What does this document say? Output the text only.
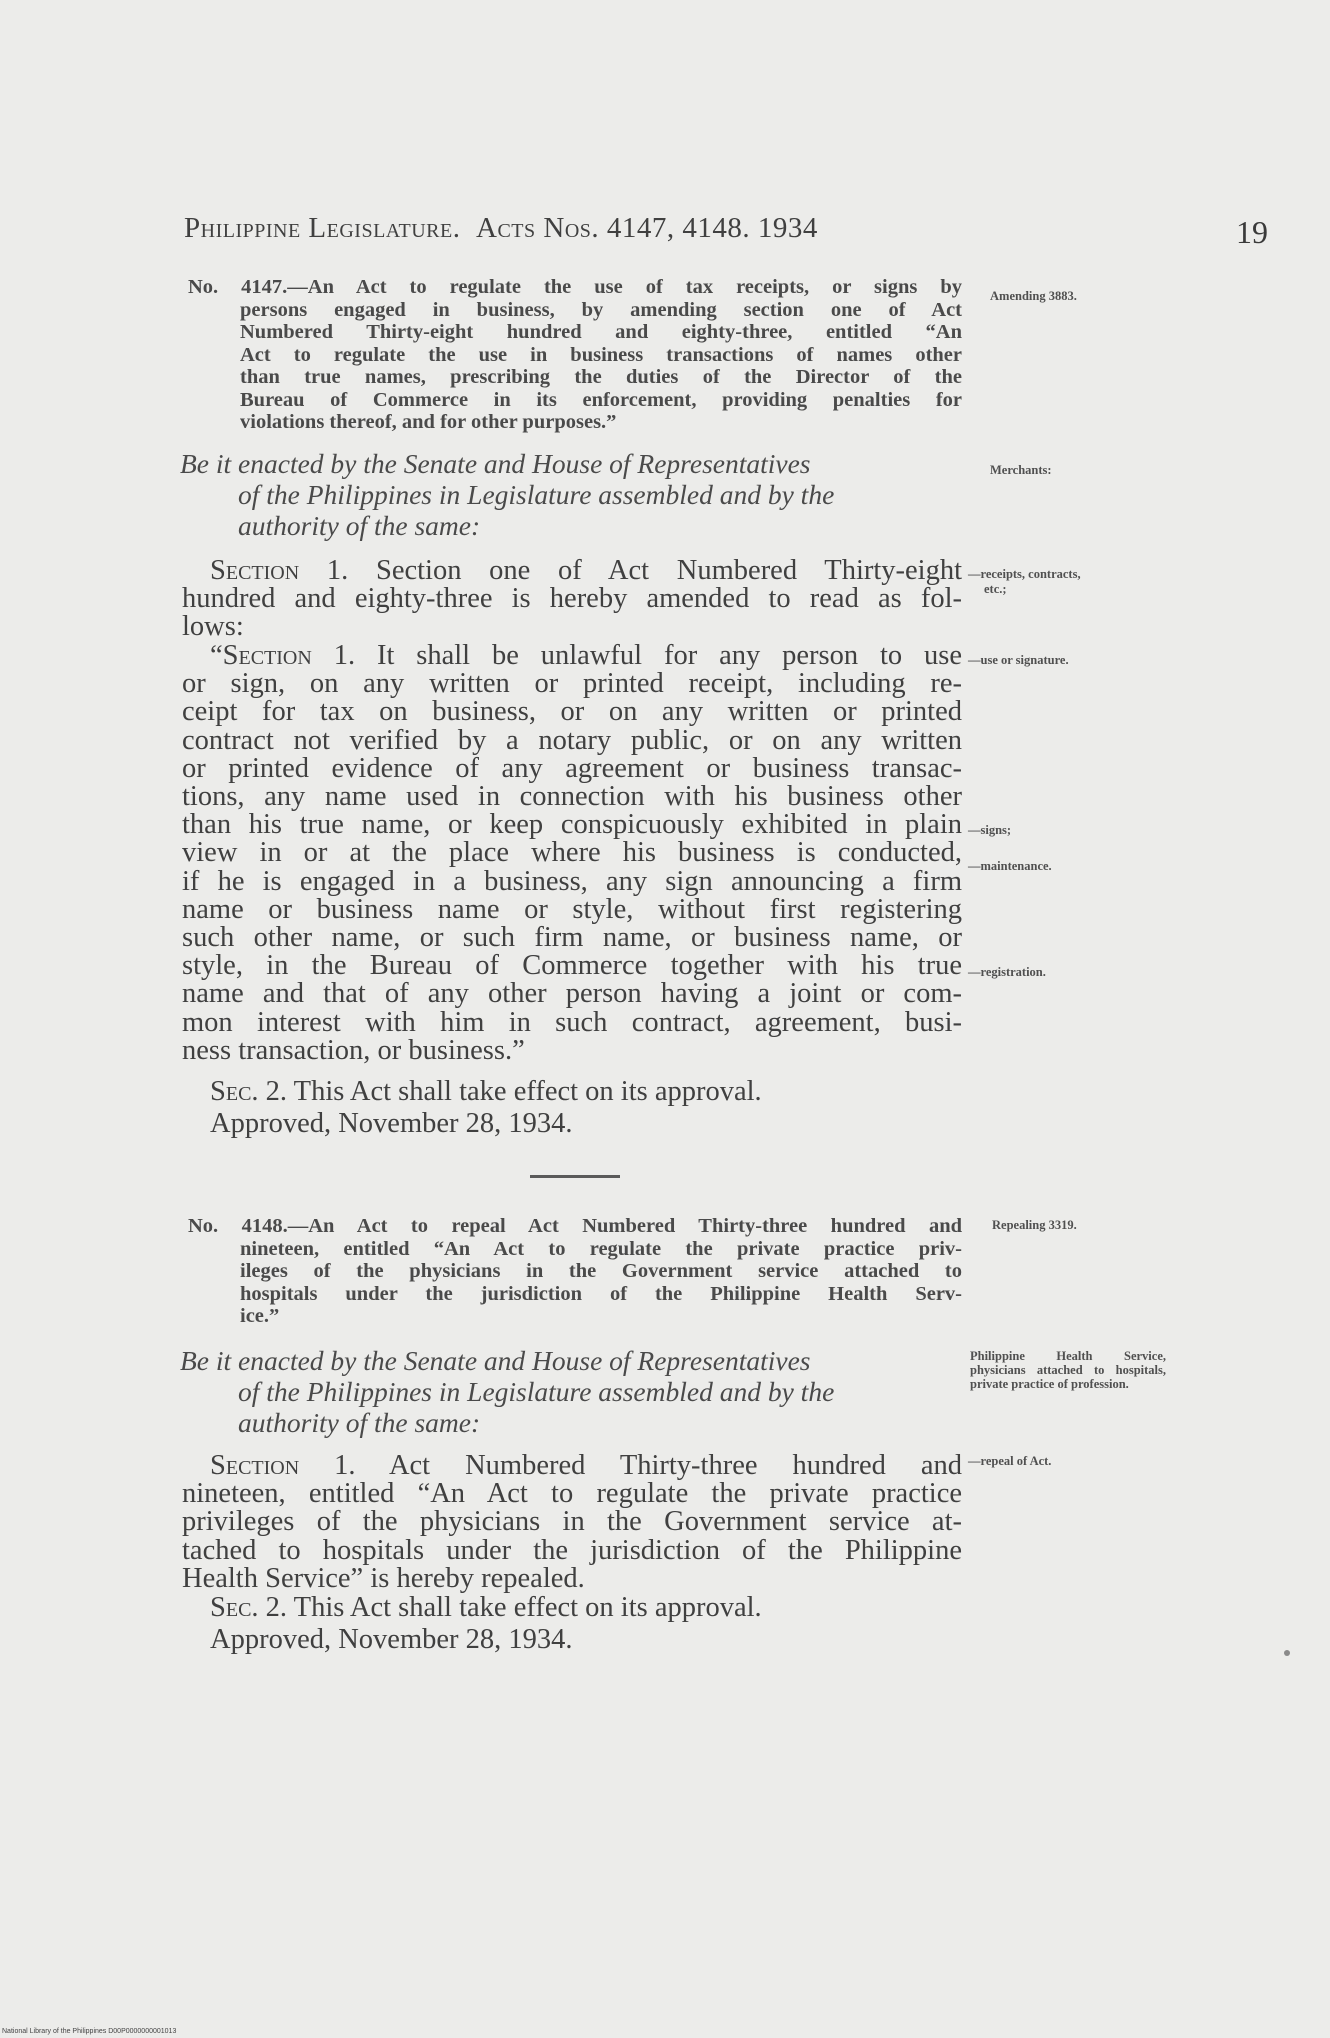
Philippine Legislature. Acts Nos. 4147, 4148. 1934	19
No. 4147.—An Act to regulate the use of tax receipts, or signs by
persons engaged in business, by amending section one of Act
Numbered Thirty-eight hundred and eighty-three, entitled “An
Act to regulate the use in business transactions of names other
than true names, prescribing the duties of the Director of the
Bureau of Commerce in its enforcement, providing penalties for
violations thereof, and for other purposes.”
Be it enacted by the Senate and House of Representatives
of the Philippines in Legislature assembled and by the
authority of the same:
Section 1. Section one of Act Numbered Thirty-eight
hundred and eighty-three is hereby amended to read as fol-
lows:
“Section 1. It shall be unlawful for any person to use
or sign, on any written or printed receipt, including re-
ceipt for tax on business, or on any written or printed
contract not verified by a notary public, or on any written
or printed evidence of any agreement or business transac-
tions, any name used in connection with his business other
than his true name, or keep conspicuously exhibited in plain
view in or at the place where his business is conducted,
if he is engaged in a business, any sign announcing a firm
name or business name or style, without first registering
such other name, or such firm name, or business name, or
style, in the Bureau of Commerce together with his true
name and that of any other person having a joint or com-
mon interest with him in such contract, agreement, busi-
ness transaction, or business.”
Sec. 2. This Act shall take effect on its approval.
Approved, November 28, 1934.
Amending 3883.
Merchants:
—receipts, contracts,
etc.;
—use or signature.
—signs;
—maintenance.
—registration.
No. 4148.—An Act to repeal Act Numbered Thirty-three hundred and
nineteen, entitled “An Act to regulate the private practice priv-
ileges of the physicians in the Government service attached to
hospitals under the jurisdiction of the Philippine Health Serv-
ice.”
Be it enacted by the Senate and House of Representatives
of the Philippines in Legislature assembled and by the
authority of the same:
Section 1. Act Numbered Thirty-three hundred and
nineteen, entitled “An Act to regulate the private practice
privileges of the physicians in the Government service at-
tached to hospitals under the jurisdiction of the Philippine
Health Service” is hereby repealed.
Sec. 2. This Act shall take effect on its approval.
Approved, November 28, 1934.
Repealing 3319.
Philippine Health Service, physicians attached to hospitals, private practice of profession.
—repeal of Act.
National Library of the Philippines D00P0000000001013
